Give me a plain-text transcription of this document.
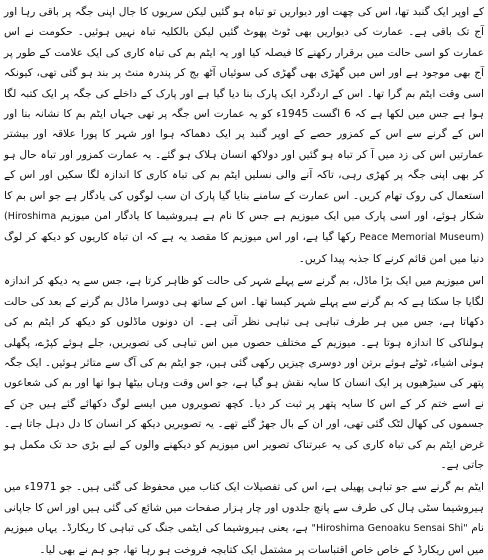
کے اوپر ایک گنبد تھا، اس کی چھت اور دیواریں تو تباہ ہو گئیں لیکن سریوں کا جال اپنی جگہ پر باقی رہا اور آج تک باقی ہے۔ عمارت کی دیواریں بھی ٹوٹ پھوٹ گئیں لیکن بالکلیہ تباہ نہیں ہوئیں۔ حکومت نے اس عمارت کو اسی حالت میں برقرار رکھنے کا فیصلہ کیا اور یہ ایٹم بم کی تباہ کاری کی ایک علامت کے طور پر آج بھی موجود ہے اور اس میں گھڑی بھی گھڑی کی سوئیاں آٹھ بج کر پندرہ منٹ پر بند ہو گئی تھی، کیونکہ اسی وقت ایٹم بم گرا تھا۔ اس کے اردگرد ایک پارک بنا دیا گیا ہے اور پارک کے داخلے کی جگہ پر ایک کتبہ لگا ہوا ہے جس میں لکھا ہے کہ 6 اگست 1945ء کو یہ عمارت اس جگہ پر تھی جہاں ایٹم بم کا نشانہ بنا اور اس کے گرنے سے اس کے کمزور حصے کے اوپر گنبد پر ایک دھماکہ ہوا اور شہر کا پورا علاقہ اور بیشتر عمارتیں اس کی زد میں آ کر تباہ ہو گئیں اور دولاکھ انسان ہلاک ہو گئے۔ یہ عمارت کمزور اور تباہ حال ہو کر بھی اپنی جگہ پر کھڑی رہی، تاکہ آنے والی نسلیں ایٹم بم کی تباہ کاری کا اندازہ لگا سکیں اور اس کے استعمال کی روک تھام کریں۔ اس عمارت کے سامنے بنایا گیا پارک ان سب لوگوں کی یادگار ہے جو اس بم کا شکار ہوئے، اور اسی پارک میں ایک میوزیم ہے جس کا نام ہے ہیروشیما کا یادگار امن میوزیم (Hiroshima Peace Memorial Museum) رکھا گیا ہے، اور اس میوزیم کا مقصد یہ ہے کہ ان تباہ کاریوں کو دیکھ کر لوگ دنیا میں امن قائم کرنے کا جذبہ پیدا کریں۔

اس میوزیم میں ایک بڑا ماڈل، بم گرنے سے پہلے شہر کی حالت کو ظاہر کرتا ہے، جس سے یہ دیکھ کر اندازہ لگایا جا سکتا ہے کہ بم گرنے سے پہلے شہر کیسا تھا۔ اس کے ساتھ ہی دوسرا ماڈل بم گرنے کے بعد کی حالت دکھاتا ہے، جس میں ہر طرف تباہی ہی تباہی نظر آتی ہے۔ ان دونوں ماڈلوں کو دیکھ کر ایٹم بم کی ہولناکی کا اندازہ ہوتا ہے۔ میوزیم کے مختلف حصوں میں اس تباہی کی تصویریں، جلے ہوئے کپڑے، پگھلی ہوئی اشیاء، ٹوٹے ہوئے برتن اور دوسری چیزیں رکھی گئی ہیں، جو ایٹم بم کی آگ سے متاثر ہوئیں۔ ایک جگہ پتھر کی سیڑھیوں پر ایک انسان کا سایہ نقش ہو گیا ہے، جو اس وقت وہاں بیٹھا ہوا تھا اور بم کی شعاعوں نے اسے ختم کر کے اس کا سایہ پتھر پر ثبت کر دیا۔ کچھ تصویروں میں ایسے لوگ دکھائے گئے ہیں جن کے جسموں کی کھال لٹک گئی تھی، اور ان کے بال جھڑ گئے تھے۔ یہ تصویریں دیکھ کر انسان کا دل دہل جاتا ہے۔ غرض ایٹم بم کی تباہ کاری کی یہ عبرتناک تصویر اس میوزیم کو دیکھنے والوں کے لیے بڑی حد تک مکمل ہو جاتی ہے۔

ایٹم بم گرنے سے جو تباہی پھیلی ہے، اس کی تفصیلات ایک کتاب میں محفوظ کی گئی ہیں۔ جو 1971ء میں ہیروشیما سٹی ہال کی طرف سے پانچ جلدوں اور چار ہزار صفحات میں شائع کی گئی ہیں اور اس کا جاپانی نام "Hiroshima Genoaku Sensai Shi" ہے، یعنی ہیروشیما کی ایٹمی جنگ کی تباہی کا ریکارڈ۔ یہاں میوزیم میں اس ریکارڈ کے خاص خاص اقتباسات پر مشتمل ایک کتابچہ فروخت ہو رہا تھا، جو ہم نے بھی لیا۔
